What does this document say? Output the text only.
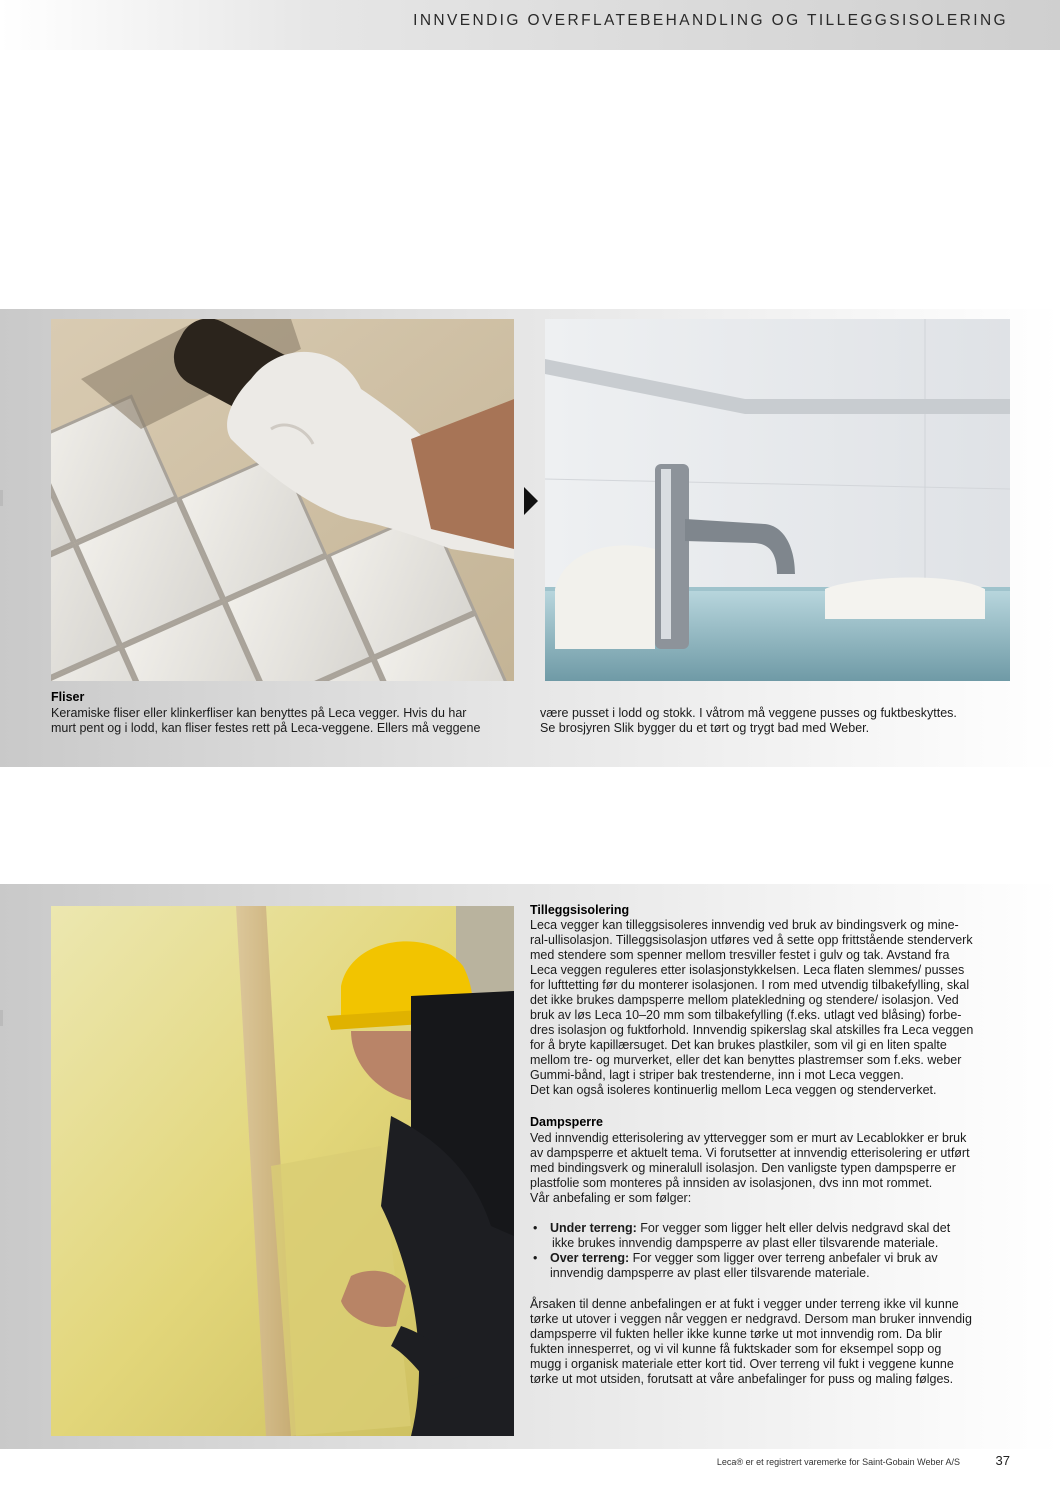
INNVENDIG OVERFLATEBEHANDLING OG TILLEGGSISOLERING
Fliser

Keramiske fliser eller klinkerfliser kan benyttes på Leca vegger. Hvis du har

murt pent og i lodd, kan fliser festes rett på Leca-veggene. Ellers må veggene

være pusset i lodd og stokk. I våtrom må veggene pusses og fuktbeskyttes.

Se brosjyren Slik bygger du et tørt og trygt bad med Weber.

Tilleggsisolering

Leca vegger kan tilleggsisoleres innvendig ved bruk av bindingsverk og mine-

ral-ullisolasjon. Tilleggsisolasjon utføres ved å sette opp frittstående stenderverk

med stendere som spenner mellom tresviller festet i gulv og tak. Avstand fra

Leca veggen reguleres etter isolasjonstykkelsen. Leca flaten slemmes/ pusses

for lufttetting før du monterer isolasjonen. I rom med utvendig tilbakefylling, skal

det ikke brukes dampsperre mellom platekledning og stendere/ isolasjon. Ved

bruk av løs Leca 10–20 mm som tilbakefylling (f.eks. utlagt ved blåsing) forbe-

dres isolasjon og fuktforhold. Innvendig spikerslag skal atskilles fra Leca veggen

for å bryte kapillærsuget. Det kan brukes plastkiler, som vil gi en liten spalte

mellom tre- og murverket, eller det kan benyttes plastremser som f.eks. weber

Gummi-bånd, lagt i striper bak trestenderne, inn i mot Leca veggen.

Det kan også isoleres kontinuerlig mellom Leca veggen og stenderverket.

Dampsperre

Ved innvendig etterisolering av yttervegger som er murt av Lecablokker er bruk

av dampsperre et aktuelt tema. Vi forutsetter at innvendig etterisolering er utført

med bindingsverk og mineralull isolasjon. Den vanligste typen dampsperre er

plastfolie som monteres på innsiden av isolasjonen, dvs inn mot rommet.

Vår anbefaling er som følger:

• Under terreng: For vegger som ligger helt eller delvis nedgravd skal det
ikke brukes innvendig dampsperre av plast eller tilsvarende materiale.
• Over terreng: For vegger som ligger over terreng anbefaler vi bruk av
innvendig dampsperre av plast eller tilsvarende materiale.

Årsaken til denne anbefalingen er at fukt i vegger under terreng ikke vil kunne

tørke ut utover i veggen når veggen er nedgravd. Dersom man bruker innvendig

dampsperre vil fukten heller ikke kunne tørke ut mot innvendig rom. Da blir

fukten innesperret, og vi vil kunne få fuktskader som for eksempel sopp og

mugg i organisk materiale etter kort tid. Over terreng vil fukt i veggene kunne

tørke ut mot utsiden, forutsatt at våre anbefalinger for puss og maling følges.

Leca® er et registrert varemerke for Saint-Gobain Weber A/S	37
